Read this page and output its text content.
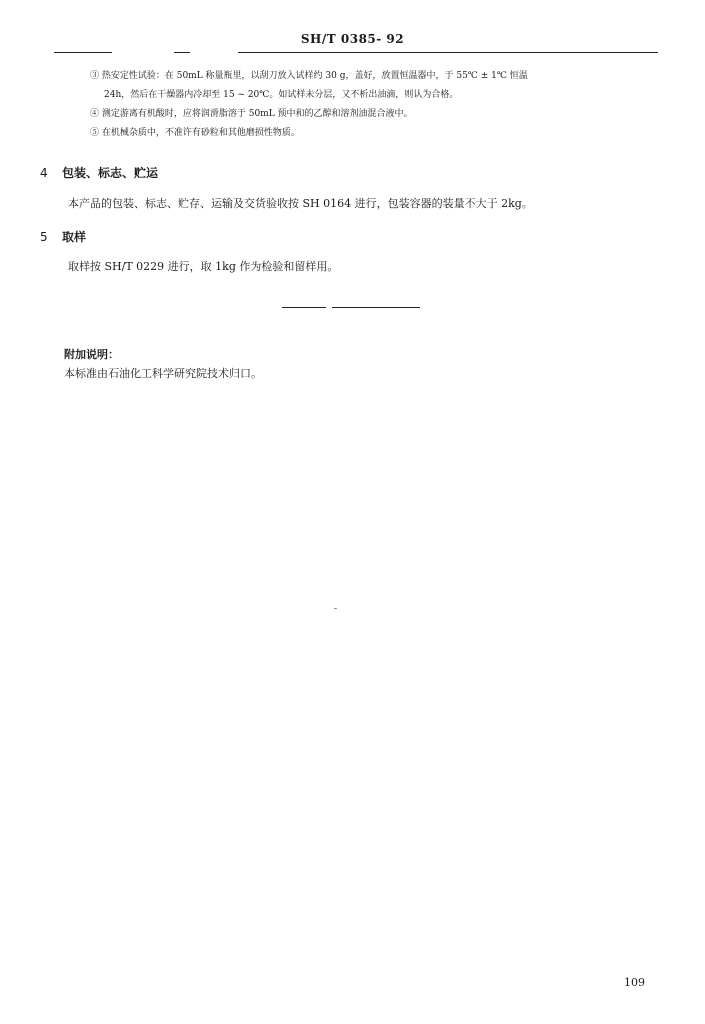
SH/T 0385- 92
③ 热安定性试验：在 50mL 称量瓶里，以刮刀放入试样约 30 g，盖好，放置恒温器中，于 55℃ ± 1℃ 恒温
24h，然后在干燥器内冷却至 15 ~ 20℃。如试样未分层，又不析出油滴，则认为合格。
④ 测定游离有机酸时，应将润滑脂溶于 50mL 预中和的乙醇和溶剂油混合液中。
⑤ 在机械杂质中，不准许有砂粒和其他磨损性物质。
4 包装、标志、贮运
本产品的包装、标志、贮存、运输及交货验收按 SH 0164 进行，包装容器的装量不大于 2kg。
5 取样
取样按 SH/T 0229 进行，取 1kg 作为检验和留样用。
附加说明：
本标准由石油化工科学研究院技术归口。
109
